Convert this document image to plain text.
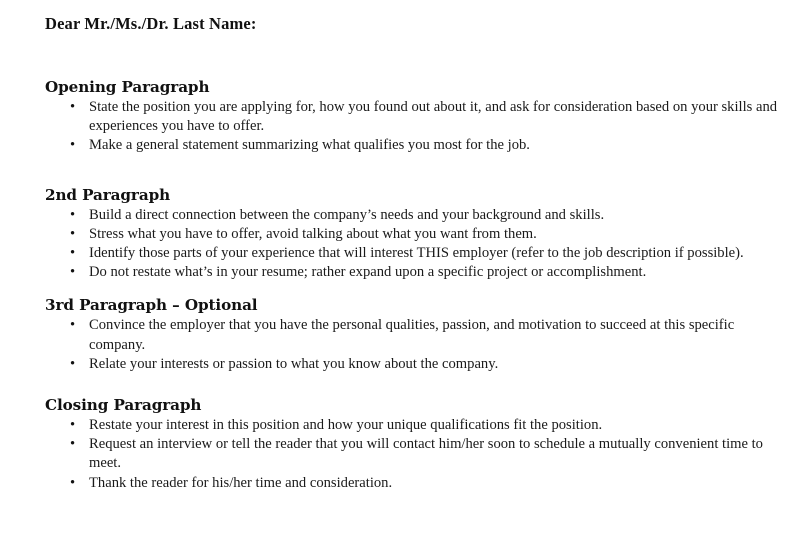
Dear Mr./Ms./Dr. Last Name:
Opening Paragraph
• State the position you are applying for, how you found out about it, and ask for consideration based on your skills and experiences you have to offer.
• Make a general statement summarizing what qualifies you most for the job.
2nd Paragraph
• Build a direct connection between the company’s needs and your background and skills.
• Stress what you have to offer, avoid talking about what you want from them.
• Identify those parts of your experience that will interest THIS employer (refer to the job description if possible).
• Do not restate what’s in your resume; rather expand upon a specific project or accomplishment.
3rd Paragraph – Optional
• Convince the employer that you have the personal qualities, passion, and motivation to succeed at this specific company.
• Relate your interests or passion to what you know about the company.
Closing Paragraph
• Restate your interest in this position and how your unique qualifications fit the position.
• Request an interview or tell the reader that you will contact him/her soon to schedule a mutually convenient time to meet.
• Thank the reader for his/her time and consideration.
